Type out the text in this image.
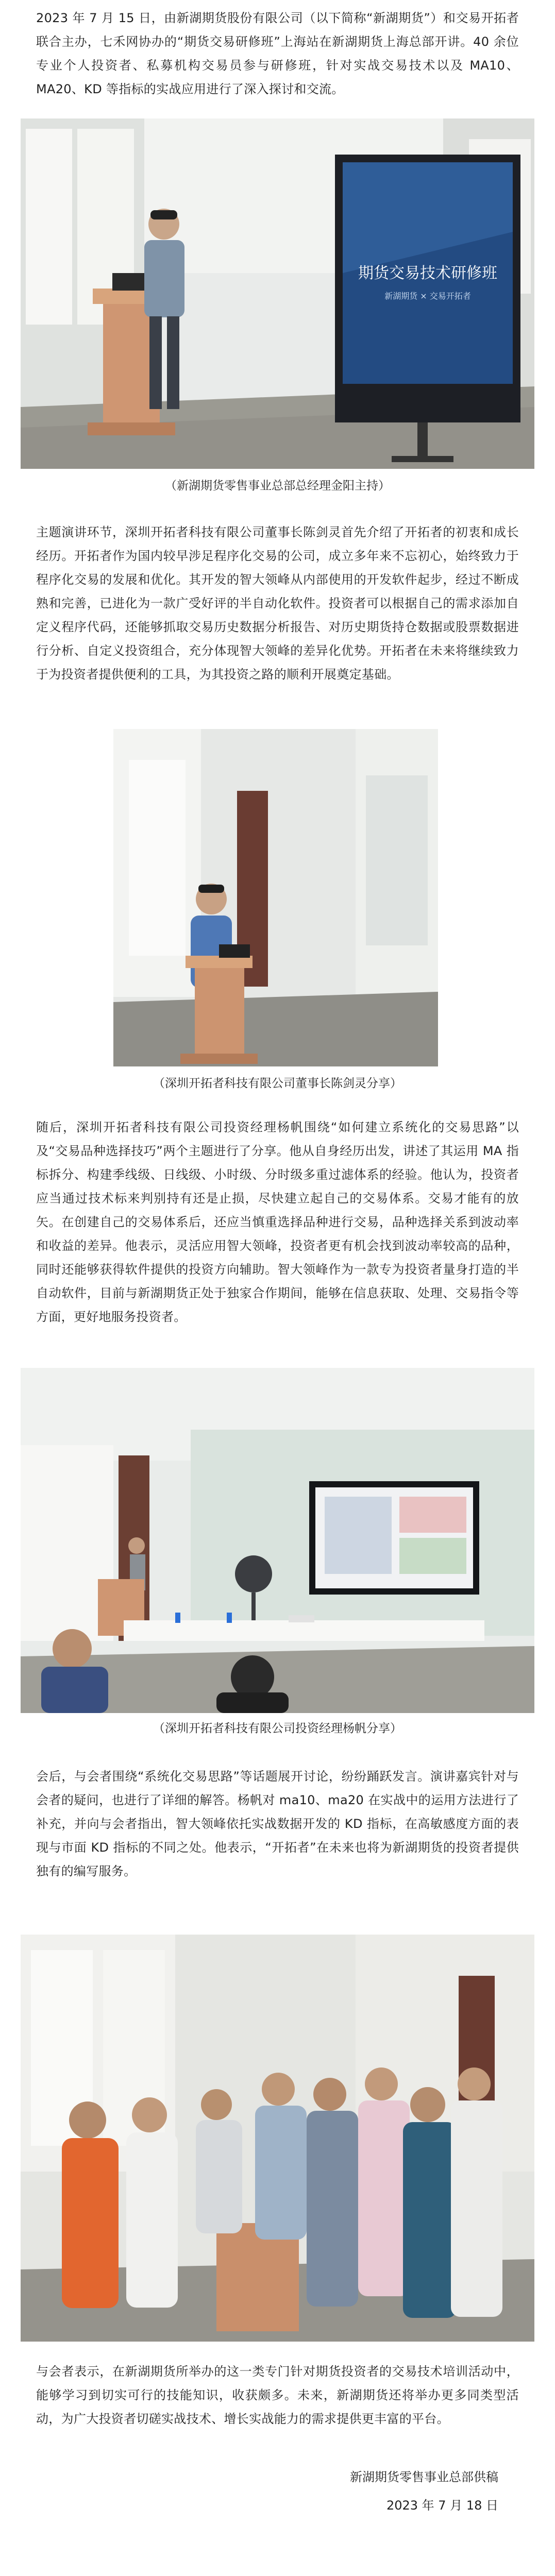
2023 年 7 月 15 日，由新湖期货股份有限公司（以下简称“新湖期货”）和交易开拓者联合主办，七禾网协办的“期货交易研修班”上海站在新湖期货上海总部开讲。40 余位专业个人投资者、私募机构交易员参与研修班，针对实战交易技术以及 MA10、MA20、KD 等指标的实战应用进行了深入探讨和交流。

期货交易技术研修班
新湖期货 × 交易开拓者

（新湖期货零售事业总部总经理金阳主持）

主题演讲环节，深圳开拓者科技有限公司董事长陈剑灵首先介绍了开拓者的初衷和成长经历。开拓者作为国内较早涉足程序化交易的公司，成立多年来不忘初心，始终致力于程序化交易的发展和优化。其开发的智大领峰从内部使用的开发软件起步，经过不断成熟和完善，已进化为一款广受好评的半自动化软件。投资者可以根据自己的需求添加自定义程序代码，还能够抓取交易历史数据分析报告、对历史期货持仓数据或股票数据进行分析、自定义投资组合，充分体现智大领峰的差异化优势。开拓者在未来将继续致力于为投资者提供便利的工具，为其投资之路的顺利开展奠定基础。

（深圳开拓者科技有限公司董事长陈剑灵分享）

随后，深圳开拓者科技有限公司投资经理杨帆围绕“如何建立系统化的交易思路”以及“交易品种选择技巧”两个主题进行了分享。他从自身经历出发，讲述了其运用 MA 指标拆分、构建季线级、日线级、小时级、分时级多重过滤体系的经验。他认为，投资者应当通过技术标来判别持有还是止损，尽快建立起自己的交易体系。交易才能有的放矢。在创建自己的交易体系后，还应当慎重选择品种进行交易，品种选择关系到波动率和收益的差异。他表示，灵活应用智大领峰，投资者更有机会找到波动率较高的品种，同时还能够获得软件提供的投资方向辅助。智大领峰作为一款专为投资者量身打造的半自动软件，目前与新湖期货正处于独家合作期间，能够在信息获取、处理、交易指令等方面，更好地服务投资者。

（深圳开拓者科技有限公司投资经理杨帆分享）

会后，与会者围绕“系统化交易思路”等话题展开讨论，纷纷踊跃发言。演讲嘉宾针对与会者的疑问，也进行了详细的解答。杨帆对 ma10、ma20 在实战中的运用方法进行了补充，并向与会者指出，智大领峰依托实战数据开发的 KD 指标，在高敏感度方面的表现与市面 KD 指标的不同之处。他表示，“开拓者”在未来也将为新湖期货的投资者提供独有的编写服务。

与会者表示，在新湖期货所举办的这一类专门针对期货投资者的交易技术培训活动中，能够学习到切实可行的技能知识，收获颇多。未来，新湖期货还将举办更多同类型活动，为广大投资者切磋实战技术、增长实战能力的需求提供更丰富的平台。

新湖期货零售事业总部供稿

2023 年 7 月 18 日
